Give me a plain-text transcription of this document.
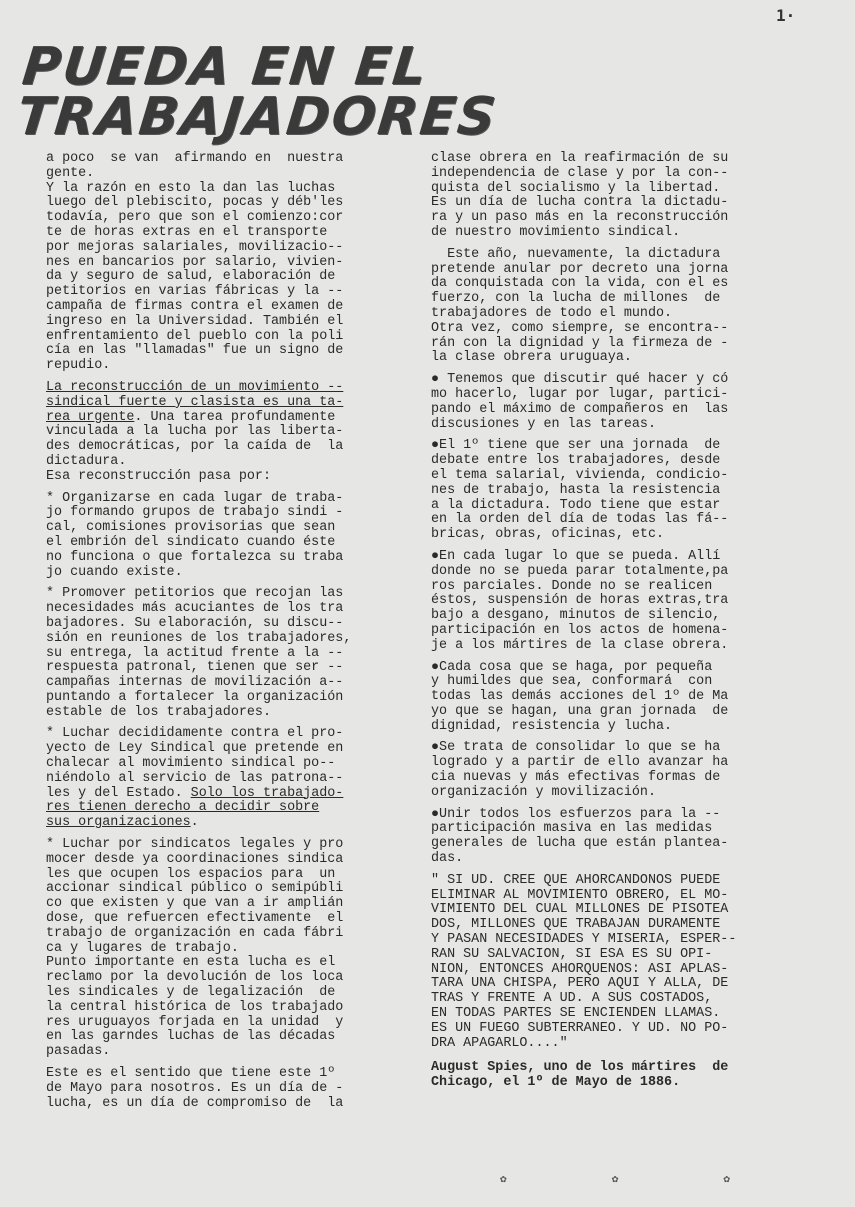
1·
PUEDA EN EL
TRABAJADORES
a poco  se van  afirmando en  nuestra
gente.
Y la razón en esto la dan las luchas
luego del plebiscito, pocas y déb'les
todavía, pero que son el comienzo:cor
te de horas extras en el transporte
por mejoras salariales, movilizacio--
nes en bancarios por salario, vivien-
da y seguro de salud, elaboración de
petitorios en varias fábricas y la --
campaña de firmas contra el examen de
ingreso en la Universidad. También el
enfrentamiento del pueblo con la poli
cía en las "llamadas" fue un signo de
repudio.
La reconstrucción de un movimiento --
sindical fuerte y clasista es una ta-
rea urgente. Una tarea profundamente
vinculada a la lucha por las liberta-
des democráticas, por la caída de  la
dictadura.
Esa reconstrucción pasa por:
* Organizarse en cada lugar de traba-
jo formando grupos de trabajo sindi -
cal, comisiones provisorias que sean
el embrión del sindicato cuando éste
no funciona o que fortalezca su traba
jo cuando existe.
* Promover petitorios que recojan las
necesidades más acuciantes de los tra
bajadores. Su elaboración, su discu--
sión en reuniones de los trabajadores,
su entrega, la actitud frente a la --
respuesta patronal, tienen que ser --
campañas internas de movilización a--
puntando a fortalecer la organización
estable de los trabajadores.
* Luchar decididamente contra el pro-
yecto de Ley Sindical que pretende en
chalecar al movimiento sindical po--
niéndolo al servicio de las patrona--
les y del Estado. Solo los trabajado-
res tienen derecho a decidir sobre
sus organizaciones.
* Luchar por sindicatos legales y pro
mocer desde ya coordinaciones sindica
les que ocupen los espacios para  un
accionar sindical público o semipúbli
co que existen y que van a ir amplián
dose, que refuercen efectivamente  el
trabajo de organización en cada fábri
ca y lugares de trabajo.
Punto importante en esta lucha es el
reclamo por la devolución de los loca
les sindicales y de legalización  de
la central histórica de los trabajado
res uruguayos forjada en la unidad  y
en las garndes luchas de las décadas
pasadas.
Este es el sentido que tiene este 1º
de Mayo para nosotros. Es un día de -
lucha, es un día de compromiso de  la
clase obrera en la reafirmación de su
independencia de clase y por la con--
quista del socialismo y la libertad.
Es un día de lucha contra la dictadu-
ra y un paso más en la reconstrucción
de nuestro movimiento sindical.
Este año, nuevamente, la dictadura
pretende anular por decreto una jorna
da conquistada con la vida, con el es
fuerzo, con la lucha de millones  de
trabajadores de todo el mundo.
Otra vez, como siempre, se encontra--
rán con la dignidad y la firmeza de -
la clase obrera uruguaya.
● Tenemos que discutir qué hacer y có
mo hacerlo, lugar por lugar, partici-
pando el máximo de compañeros en  las
discusiones y en las tareas.
●El 1º tiene que ser una jornada  de
debate entre los trabajadores, desde
el tema salarial, vivienda, condicio-
nes de trabajo, hasta la resistencia
a la dictadura. Todo tiene que estar
en la orden del día de todas las fá--
bricas, obras, oficinas, etc.
●En cada lugar lo que se pueda. Allí
donde no se pueda parar totalmente,pa
ros parciales. Donde no se realicen
éstos, suspensión de horas extras,tra
bajo a desgano, minutos de silencio,
participación en los actos de homena-
je a los mártires de la clase obrera.
●Cada cosa que se haga, por pequeña
y humildes que sea, conformará  con
todas las demás acciones del 1º de Ma
yo que se hagan, una gran jornada  de
dignidad, resistencia y lucha.
●Se trata de consolidar lo que se ha
logrado y a partir de ello avanzar ha
cia nuevas y más efectivas formas de
organización y movilización.
●Unir todos los esfuerzos para la --
participación masiva en las medidas
generales de lucha que están plantea-
das.
" SI UD. CREE QUE AHORCANDONOS PUEDE
ELIMINAR AL MOVIMIENTO OBRERO, EL MO-
VIMIENTO DEL CUAL MILLONES DE PISOTEA
DOS, MILLONES QUE TRABAJAN DURAMENTE
Y PASAN NECESIDADES Y MISERIA, ESPER--
RAN SU SALVACION, SI ESA ES SU OPI-
NION, ENTONCES AHORQUENOS: ASI APLAS-
TARA UNA CHISPA, PERO AQUI Y ALLA, DE
TRAS Y FRENTE A UD. A SUS COSTADOS,
EN TODAS PARTES SE ENCIENDEN LLAMAS.
ES UN FUEGO SUBTERRANEO. Y UD. NO PO-
DRA APAGARLO...."
August Spies, uno de los mártires  de
Chicago, el 1º de Mayo de 1886.
✿	✿	✿
